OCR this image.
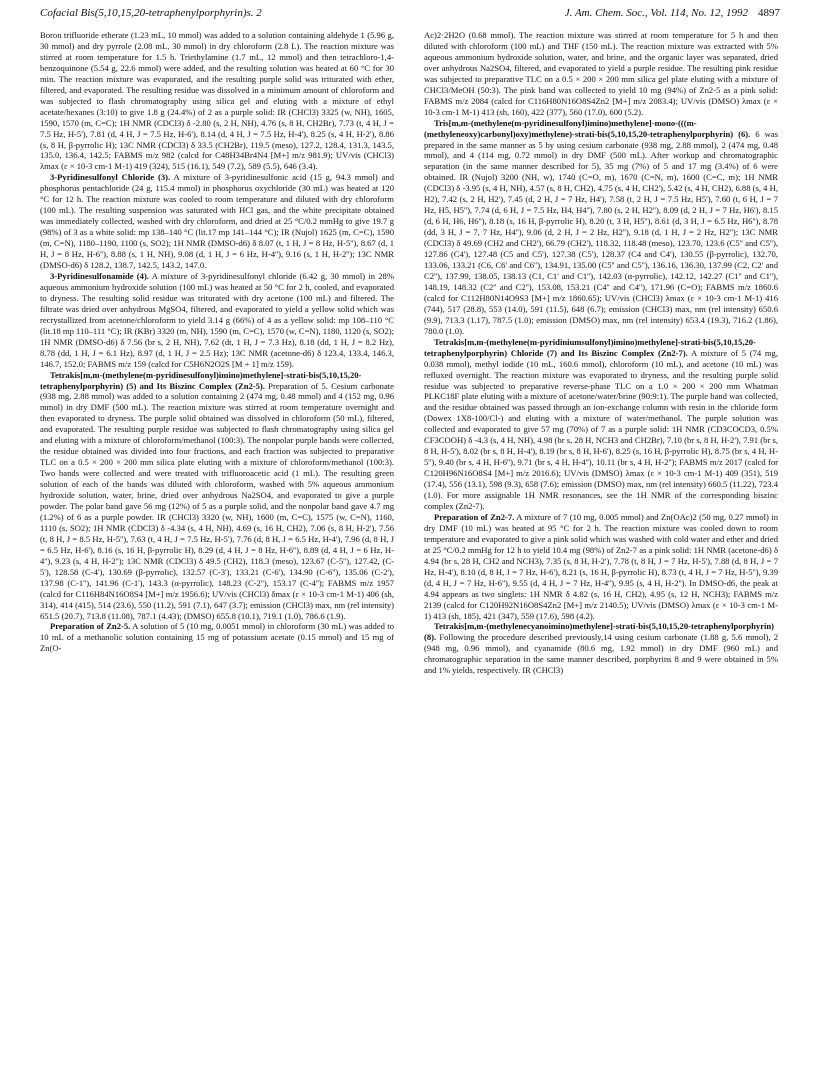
Cofacial Bis(5,10,15,20-tetraphenylporphyrin)s. 2	J. Am. Chem. Soc., Vol. 114, No. 12, 1992 4897

Boron trifluoride etherate (1.23 mL, 10 mmol) was added to a solution containing aldehyde 1 (5.96 g, 30 mmol) and dry pyrrole (2.08 mL, 30 mmol) in dry chloroform (2.8 L). The reaction mixture was stirred at room temperature for 1.5 h. Triethylamine (1.7 mL, 12 mmol) and then tetrachloro-1,4-benzoquinone (5.54 g, 22.6 mmol) were added, and the resulting solution was heated at 60 °C for 30 min. The reaction mixture was evaporated, and the resulting purple solid was triturated with ether, filtered, and evaporated. The resulting residue was dissolved in a minimum amount of chloroform and was subjected to flash chromatography using silica gel and eluting with a mixture of ethyl acetate/hexanes (3:10) to give 1.8 g (24.4%) of 2 as a purple solid: IR (CHCl3) 3325 (w, NH), 1605, 1590, 1570 (m, C=C); 1H NMR (CDCl3) δ -2.80 (s, 2 H, NH), 4.76 (s, 8 H, CH2Br), 7.73 (t, 4 H, J = 7.5 Hz, H-5'), 7.81 (d, 4 H, J = 7.5 Hz, H-6'), 8.14 (d, 4 H, J = 7.5 Hz, H-4'), 8.25 (s, 4 H, H-2'), 8.86 (s, 8 H, β-pyrrolic H); 13C NMR (CDCl3) δ 33.5 (CH2Br), 119.5 (meso), 127.2, 128.4, 131.3, 143.5, 135.0, 136.4, 142.5; FABMS m/z 982 (calcd for C48H34Br4N4 [M+] m/z 981.9); UV/vis (CHCl3) λmax (ε × 10-3 cm-1 M-1) 419 (324), 515 (16.1), 549 (7.2), 589 (5.5), 646 (3.4).

3-Pyridinesulfonyl Chloride (3). A mixture of 3-pyridinesulfonic acid (15 g, 94.3 mmol) and phosphorus pentachloride (24 g, 115.4 mmol) in phosphorus oxychloride (30 mL) was heated at 120 °C for 12 h. The reaction mixture was cooled to room temperature and diluted with dry chloroform (100 mL). The resulting suspension was saturated with HCl gas, and the white precipitate obtained was immediately collected, washed with dry chloroform, and dried at 25 °C/0.2 mmHg to give 19.7 g (98%) of 3 as a white solid: mp 138–140 °C (lit.17 mp 141–144 °C); IR (Nujol) 1625 (m, C=C), 1590 (m, C=N), 1180–1190, 1100 (s, SO2); 1H NMR (DMSO-d6) δ 8.07 (t, 1 H, J = 8 Hz, H-5''), 8.67 (d, 1 H, J = 8 Hz, H-6''), 8.88 (s, 1 H, NH), 9.08 (d, 1 H, J = 6 Hz, H-4''), 9.16 (s, 1 H, H-2''); 13C NMR (DMSO-d6) δ 128.2, 138.7, 142.5, 143.2, 147.0.

3-Pyridinesulfonamide (4). A mixture of 3-pyridinesulfonyl chloride (6.42 g, 30 mmol) in 28% aqueous ammonium hydroxide solution (100 mL) was heated at 50 °C for 2 h, cooled, and evaporated to dryness. The resulting solid residue was triturated with dry acetone (100 mL) and filtered. The filtrate was dried over anhydrous MgSO4, filtered, and evaporated to yield a yellow solid which was recrystallized from acetone/chloroform to yield 3.14 g (66%) of 4 as a yellow solid: mp 108–110 °C (lit.18 mp 110–111 °C); IR (KBr) 3320 (m, NH), 1590 (m, C=C), 1570 (w, C=N), 1180, 1120 (s, SO2); 1H NMR (DMSO-d6) δ 7.56 (br s, 2 H, NH), 7.62 (dt, 1 H, J = 7.3 Hz), 8.18 (dd, 1 H, J = 8.2 Hz), 8.78 (dd, 1 H, J = 6.1 Hz), 8.97 (d, 1 H, J = 2.5 Hz); 13C NMR (acetone-d6) δ 123.4, 133.4, 146.3, 146.7, 152.0; FABMS m/z 159 (calcd for C5H6N2O2S [M + 1] m/z 159).

Tetrakis[m,m-(methylene(m-pyridinesulfonyl)imino)methylene]-strati-bis(5,10,15,20-tetraphenylporphyrin) (5) and Its Biszinc Complex (Zn2-5). Preparation of 5. Cesium carbonate (938 mg, 2.88 mmol) was added to a solution containing 2 (474 mg, 0.48 mmol) and 4 (152 mg, 0.96 mmol) in dry DMF (500 mL). The reaction mixture was stirred at room temperature overnight and then evaporated to dryness. The purple solid obtained was dissolved in chloroform (50 mL), filtered, and evaporated. The resulting purple residue was subjected to flash chromatography using silica gel and eluting with a mixture of chloroform/methanol (100:3). The nonpolar purple bands were collected, the residue obtained was divided into four fractions, and each fraction was subjected to preparative TLC on a 0.5 × 200 × 200 mm silica plate eluting with a mixture of chloroform/methanol (100:3). Two bands were collected and were treated with trifluoroacetic acid (1 mL). The resulting green solution of each of the bands was diluted with chloroform, washed with 5% aqueous ammonium hydroxide solution, water, brine, dried over anhydrous Na2SO4, and evaporated to give a purple powder. The polar band gave 56 mg (12%) of 5 as a purple solid, and the nonpolar band gave 4.7 mg (1.2%) of 6 as a purple powder. IR (CHCl3) 3320 (w, NH), 1600 (m, C=C), 1575 (w, C=N), 1160, 1110 (s, SO2); 1H NMR (CDCl3) δ -4.34 (s, 4 H, NH), 4.69 (s, 16 H, CH2), 7.06 (s, 8 H, H-2'), 7.56 (t, 8 H, J = 8.5 Hz, H-5''), 7.63 (t, 4 H, J = 7.5 Hz, H-5'), 7.76 (d, 8 H, J = 6.5 Hz, H-4'), 7.96 (d, 8 H, J = 6.5 Hz, H-6'), 8.16 (s, 16 H, β-pyrrolic H), 8.29 (d, 4 H, J = 8 Hz, H-6''), 8.89 (d, 4 H, J = 6 Hz, H-4''), 9.23 (s, 4 H, H-2''); 13C NMR (CDCl3) δ 49.5 (CH2), 118.3 (meso), 123.67 (C-5''), 127.42, (C-5'), 128.58 (C-4'), 130.69 (β-pyrrolic), 132.57 (C-3'), 133.21 (C-6'), 134.90 (C-6''), 135.06 (C-2'), 137.98 (C-1''), 141.96 (C-1'), 143.3 (α-pyrrolic), 148.23 (C-2''), 153.17 (C-4''); FABMS m/z 1957 (calcd for C116H84N16O8S4 [M+] m/z 1956.6); UV/vis (CHCl3) δmax (ε × 10-3 cm-1 M-1) 406 (sh, 314), 414 (415), 514 (23.6), 550 (11.2), 591 (7.1), 647 (3.7); emission (CHCl3) max, nm (rel intensity) 651.5 (20.7), 713.8 (11.08), 787.1 (4.43); (DMSO) 655.8 (10.1), 719.1 (1.0), 786.6 (1.9).

Preparation of Zn2-5. A solution of 5 (10 mg, 0.0051 mmol) in chloroform (30 mL) was added to 10 mL of a methanolic solution containing 15 mg of potassium acetate (0.15 mmol) and 15 mg of Zn(O-

Ac)2·2H2O (0.68 mmol). The reaction mixture was stirred at room temperature for 5 h and then diluted with chloroform (100 mL) and THF (150 mL). The reaction mixture was extracted with 5% aqueous ammonium hydroxide solution, water, and brine, and the organic layer was separated, dried over anhydrous Na2SO4, filtered, and evaporated to yield a purple residue. The resulting pink residue was subjected to preparative TLC on a 0.5 × 200 × 200 mm silica gel plate eluting with a mixture of CHCl3/MeOH (50:3). The pink band was collected to yield 10 mg (94%) of Zn2-5 as a pink solid: FABMS m/z 2084 (calcd for C116H80N16O8S4Zn2 [M+] m/z 2083.4); UV/vis (DMSO) λmax (ε × 10-3 cm-1 M-1) 413 (sh, 160), 422 (377), 560 (17.0), 600 (5.2).

Tris[m,m-(methylene(m-pyridinesulfonyl)imino)methylene]-mono-(((m-(methyleneoxy)carbonyl)oxy)methylene)-strati-bis(5,10,15,20-tetraphenylporphyrin) (6). 6 was prepared in the same manner as 5 by using cesium carbonate (938 mg, 2.88 mmol), 2 (474 mg, 0.48 mmol), and 4 (114 mg, 0.72 mmol) in dry DMF (500 mL). After workup and chromatographic separation (in the same manner described for 5), 35 mg (7%) of 5 and 17 mg (3.4%) of 6 were obtained. IR (Nujol) 3200 (NH, w), 1740 (C=O, m), 1670 (C=N, m), 1600 (C=C, m); 1H NMR (CDCl3) δ -3.95 (s, 4 H, NH), 4.57 (s, 8 H, CH2), 4.75 (s, 4 H, CH2'), 5.42 (s, 4 H, CH2), 6.88 (s, 4 H, H2), 7.42 (s, 2 H, H2'), 7.45 (d, 2 H, J = 7 Hz, H4'), 7.58 (t, 2 H, J = 7.5 Hz, H5'), 7.60 (t, 6 H, J = 7 Hz, H5, H5''), 7.74 (d, 6 H, J = 7.5 Hz, H4, H4''), 7.80 (s, 2 H, H2''), 8.09 (d, 2 H, J = 7 Hz, H6'), 8.15 (d, 6 H, H6, H6''), 8.18 (s, 16 H, β-pyrrolic H), 8.20 (t, 3 H, H5''), 8.61 (d, 3 H, J = 6.5 Hz, H6''), 8.78 (dd, 3 H, J = 7, 7 Hz, H4''), 9.06 (d, 2 H, J = 2 Hz, H2''), 9.18 (d, 1 H, J = 2 Hz, H2''); 13C NMR (CDCl3) δ 49.69 (CH2 and CH2'), 66.79 (CH2'), 118.32, 118.48 (meso), 123.70, 123.6 (C5'' and C5''), 127.86 (C4'), 127.48 (C5 and C5'), 127.38 (C5'), 128.37 (C4 and C4'), 130.55 (β-pyrrolic), 132.70, 133.06, 133.21 (C6, C6' and C6''), 134.91, 135.00 (C5'' and C5''), 136.16, 136.30, 137.99 (C2, C2' and C2''), 137.99, 138.05, 138.13 (C1, C1' and C1''), 142.03 (α-pyrrolic), 142.12, 142.27 (C1'' and C1''), 148.19, 148.32 (C2'' and C2''), 153.08, 153.21 (C4'' and C4''), 171.96 (C=O); FABMS m/z 1860.6 (calcd for C112H80N14O9S3 [M+] m/z 1860.65); UV/vis (CHCl3) λmax (ε × 10-3 cm-1 M-1) 416 (744), 517 (28.8), 553 (14.0), 591 (11.5), 648 (6.7); emission (CHCl3) max, nm (rel intensity) 650.6 (9.9), 713.3 (1.17), 787.5 (1.0); emission (DMSO) max, nm (rel intensity) 653.4 (19.3), 716.2 (1.86), 780.0 (1.0).

Tetrakis[m,m-(methylene(m-pyridiniumsulfonyl)imino)methylene]-strati-bis(5,10,15,20-tetraphenylporphyrin) Chloride (7) and Its Biszinc Complex (Zn2-7). A mixture of 5 (74 mg, 0.038 mmol), methyl iodide (10 mL, 160.6 mmol), chloroform (10 mL), and acetone (10 mL) was refluxed overnight. The reaction mixture was evaporated to dryness, and the resulting purple solid residue was subjected to preparative reverse-phase TLC on a 1.0 × 200 × 200 mm Whatman PLKC18F plate eluting with a mixture of acetone/water/brine (90:9:1). The purple band was collected, and the residue obtained was passed through an ion-exchange column with resin in the chloride form (Dowex 1X8-100/Cl-) and eluting with a mixture of water/methanol. The purple solution was collected and evaporated to give 57 mg (70%) of 7 as a purple solid: 1H NMR (CD3COCD3, 0.5% CF3COOH) δ -4.3 (s, 4 H, NH), 4.98 (br s, 28 H, NCH3 and CH2Br), 7.10 (br s, 8 H, H-2'), 7.91 (br s, 8 H, H-5'), 8.02 (br s, 8 H, H-4'), 8.19 (br s, 8 H, H-6'), 8.25 (s, 16 H, β-pyrrolic H), 8.75 (br s, 4 H, H-5''), 9.40 (br s, 4 H, H-6''), 9.71 (br s, 4 H, H-4''), 10.11 (br s, 4 H, H-2''); FABMS m/z 2017 (calcd for C120H96N16O8S4 [M+] m/z 2016.6); UV/vis (DMSO) λmax (ε × 10-3 cm-1 M-1) 409 (351), 519 (17.4), 556 (13.1), 598 (9.3), 658 (7.6); emission (DMSO) max, nm (rel intensity) 660.5 (11.22), 723.4 (1.0). For more assignable 1H NMR resonances, see the 1H NMR of the corresponding biszinc complex (Zn2-7).

Preparation of Zn2-7. A mixture of 7 (10 mg, 0.005 mmol) and Zn(OAc)2 (50 mg, 0.27 mmol) in dry DMF (10 mL) was heated at 95 °C for 2 h. The reaction mixture was cooled down to room temperature and evaporated to give a pink solid which was washed with cold water and ether and dried at 25 °C/0.2 mmHg for 12 h to yield 10.4 mg (98%) of Zn2-7 as a pink solid: 1H NMR (acetone-d6) δ 4.94 (br s, 28 H, CH2 and NCH3), 7.35 (s, 8 H, H-2'), 7.78 (t, 8 H, J = 7 Hz, H-5'), 7.88 (d, 8 H, J = 7 Hz, H-4'), 8.10 (d, 8 H, J = 7 Hz, H-6'), 8.21 (s, 16 H, β-pyrrolic H), 8.73 (t, 4 H, J = 7 Hz, H-5''), 9.39 (d, 4 H, J = 7 Hz, H-6''), 9.55 (d, 4 H, J = 7 Hz, H-4''), 9.95 (s, 4 H, H-2''). In DMSO-d6, the peak at 4.94 appears as two singlets: 1H NMR δ 4.82 (s, 16 H, CH2), 4.95 (s, 12 H, NCH3); FABMS m/z 2139 (calcd for C120H92N16O8S4Zn2 [M+] m/z 2140.5); UV/vis (DMSO) λmax (ε × 10-3 cm-1 M-1) 413 (sh, 185), 421 (347), 559 (17.6), 598 (4.2).

Tetrakis[m,m-(methylenecyanoimino)methylene]-strati-bis(5,10,15,20-tetraphenylporphyrin) (8). Following the procedure described previously,14 using cesium carbonate (1.88 g, 5.6 mmol), 2 (948 mg, 0.96 mmol), and cyanamide (80.6 mg, 1.92 mmol) in dry DMF (960 mL) and chromatographic separation in the same manner described, porphyrins 8 and 9 were obtained in 5% and 1% yields, respectively. IR (CHCl3)
